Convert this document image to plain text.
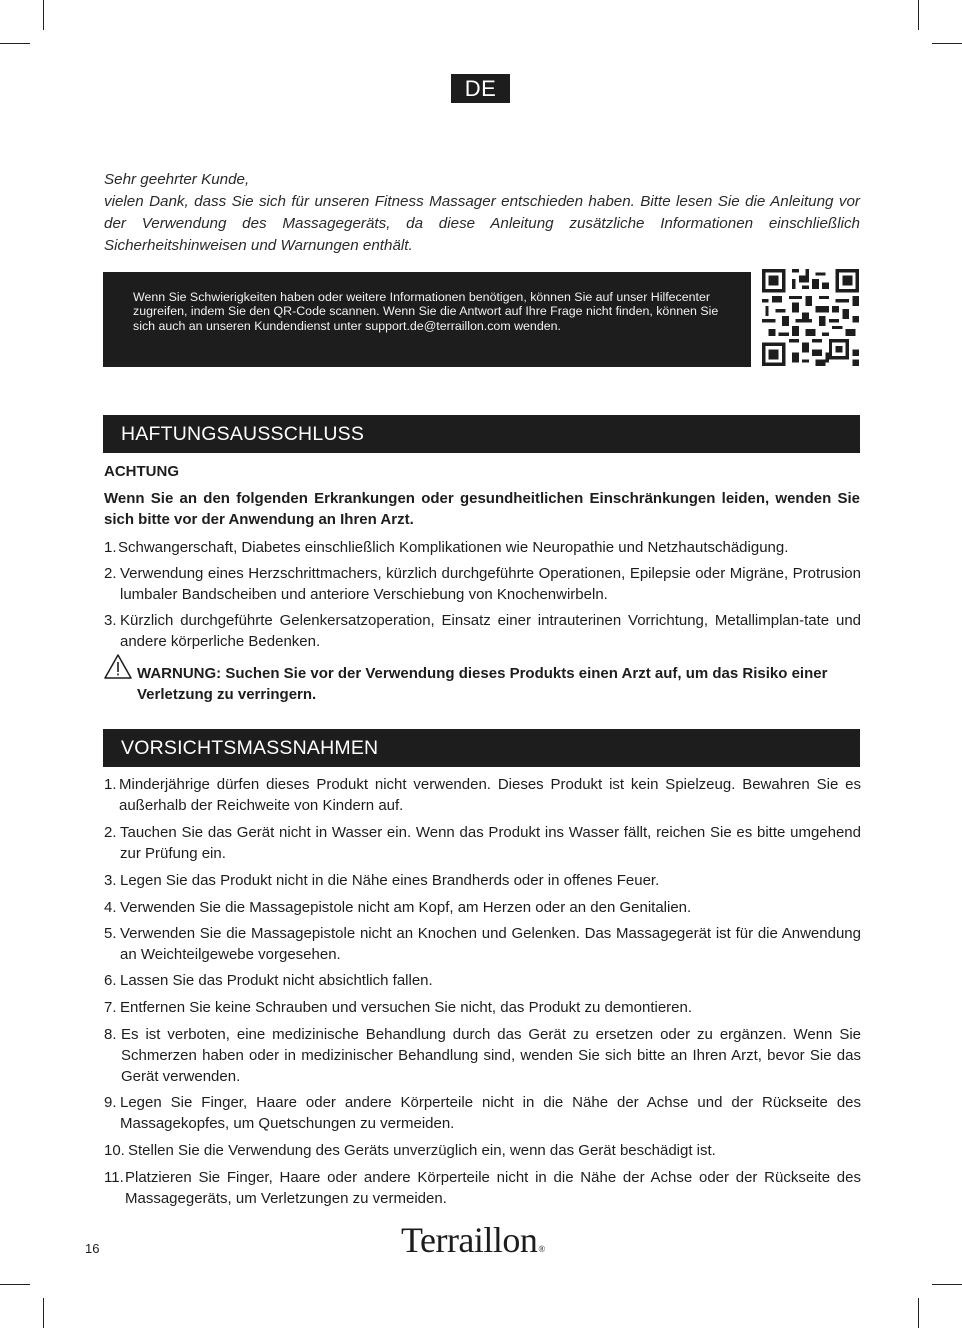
DE
Sehr geehrter Kunde,
vielen Dank, dass Sie sich für unseren Fitness Massager entschieden haben. Bitte lesen Sie die Anleitung vor der Verwendung des Massagegeräts, da diese Anleitung zusätzliche Informationen einschließlich Sicherheitshinweisen und Warnungen enthält.
Wenn Sie Schwierigkeiten haben oder weitere Informationen benötigen, können Sie auf unser Hilfecenter zugreifen, indem Sie den QR-Code scannen. Wenn Sie die Antwort auf Ihre Frage nicht finden, können Sie sich auch an unseren Kundendienst unter support.de@terraillon.com wenden.
HAFTUNGSAUSSCHLUSS
ACHTUNG
Wenn Sie an den folgenden Erkrankungen oder gesundheitlichen Einschränkungen leiden, wenden Sie sich bitte vor der Anwendung an Ihren Arzt.
1. Schwangerschaft, Diabetes einschließlich Komplikationen wie Neuropathie und Netzhautschädigung.
2. Verwendung eines Herzschrittmachers, kürzlich durchgeführte Operationen, Epilepsie oder Migräne, Protrusion lumbaler Bandscheiben und anteriore Verschiebung von Knochenwirbeln.
3. Kürzlich durchgeführte Gelenkersatzoperation, Einsatz einer intrauterinen Vorrichtung, Metallimplan-tate und andere körperliche Bedenken.
WARNUNG: Suchen Sie vor der Verwendung dieses Produkts einen Arzt auf, um das Risiko einer Verletzung zu verringern.
VORSICHTSMASSNAHMEN
1. Minderjährige dürfen dieses Produkt nicht verwenden. Dieses Produkt ist kein Spielzeug. Bewahren Sie es außerhalb der Reichweite von Kindern auf.
2. Tauchen Sie das Gerät nicht in Wasser ein. Wenn das Produkt ins Wasser fällt, reichen Sie es bitte umgehend zur Prüfung ein.
3. Legen Sie das Produkt nicht in die Nähe eines Brandherds oder in offenes Feuer.
4. Verwenden Sie die Massagepistole nicht am Kopf, am Herzen oder an den Genitalien.
5. Verwenden Sie die Massagepistole nicht an Knochen und Gelenken. Das Massagegerät ist für die Anwendung an Weichteilgewebe vorgesehen.
6. Lassen Sie das Produkt nicht absichtlich fallen.
7. Entfernen Sie keine Schrauben und versuchen Sie nicht, das Produkt zu demontieren.
8. Es ist verboten, eine medizinische Behandlung durch das Gerät zu ersetzen oder zu ergänzen. Wenn Sie Schmerzen haben oder in medizinischer Behandlung sind, wenden Sie sich bitte an Ihren Arzt, bevor Sie das Gerät verwenden.
9. Legen Sie Finger, Haare oder andere Körperteile nicht in die Nähe der Achse und der Rückseite des Massagekopfes, um Quetschungen zu vermeiden.
10. Stellen Sie die Verwendung des Geräts unverzüglich ein, wenn das Gerät beschädigt ist.
11. Platzieren Sie Finger, Haare oder andere Körperteile nicht in die Nähe der Achse oder der Rückseite des Massagegeräts, um Verletzungen zu vermeiden.
16	Terraillon®
